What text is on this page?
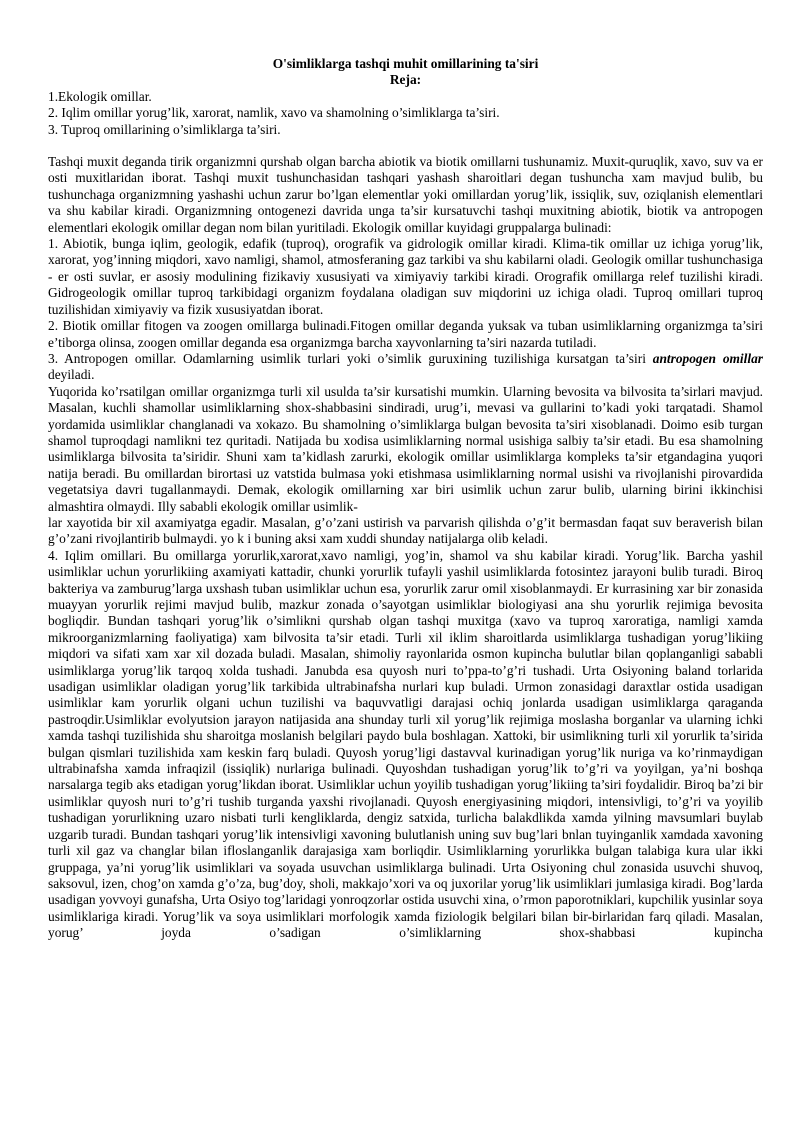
O'simliklarga tashqi muhit omillarining ta'siri

Reja:

1.Ekologik omillar.

2. Iqlim omillar yorug’lik, xarorat, namlik, xavo va shamolning o’simliklarga ta’siri.

3. Tuproq omillarining o’simliklarga ta’siri.

Tashqi muxit deganda tirik organizmni qurshab olgan barcha abiotik va biotik omillarni tushunamiz. Muxit-quruqlik, xavo, suv va er osti muxitlaridan iborat. Tashqi muxit tushunchasidan tashqari yashash sharoitlari degan tushuncha xam mavjud bulib, bu tushunchaga organizmning yashashi uchun zarur bo’lgan elementlar yoki omillardan yorug’lik, issiqlik, suv, oziqlanish elementlari va shu kabilar kiradi. Organizmning ontogenezi davrida unga ta’sir kursatuvchi tashqi muxitning abiotik, biotik va antropogen elementlari ekologik omillar degan nom bilan yuritiladi. Ekologik omillar kuyidagi gruppalarga bulinadi:

1. Abiotik, bunga iqlim, geologik, edafik (tuproq), orografik va gidrologik omillar kiradi. Klima-tik omillar uz ichiga yorug’lik, xarorat, yog’inning miqdori, xavo namligi, shamol, atmosferaning gaz tarkibi va shu kabilarni oladi. Geologik omillar tushunchasiga - er osti suvlar, er asosiy modulining fizikaviy xususiyati va ximiyaviy tarkibi kiradi. Orografik omillarga relef tuzilishi kiradi. Gidrogeologik omillar tuproq tarkibidagi organizm foydalana oladigan suv miqdorini uz ichiga oladi. Tuproq omillari tuproq tuzilishidan ximiyaviy va fizik xususiyatdan iborat.

2. Biotik omillar fitogen va zoogen omillarga bulinadi.Fitogen omillar deganda yuksak va tuban usimliklarning organizmga ta’siri e’tiborga olinsa, zoogen omillar deganda esa organizmga barcha xayvonlarning ta’siri nazarda tutiladi.

3. Antropogen omillar. Odamlarning usimlik turlari yoki o’simlik guruxining tuzilishiga kursatgan ta’siri antropogen omillar deyiladi.

Yuqorida ko’rsatilgan omillar organizmga turli xil usulda ta’sir kursatishi mumkin. Ularning bevosita va bilvosita ta’sirlari mavjud. Masalan, kuchli shamollar usimliklarning shox-shabbasini sindiradi, urug’i, mevasi va gullarini to’kadi yoki tarqatadi. Shamol yordamida usimliklar changlanadi va xokazo. Bu shamolning o’simliklarga bulgan bevosita ta’siri xisoblanadi. Doimo esib turgan shamol tuproqdagi namlikni tez quritadi. Natijada bu xodisa usimliklarning normal usishiga salbiy ta’sir etadi. Bu esa shamolning usimliklarga bilvosita ta’siridir. Shuni xam ta’kidlash zarurki, ekologik omillar usimliklarga kompleks ta’sir etgandagina yuqori natija beradi. Bu omillardan birortasi uz vatstida bulmasa yoki etishmasa usimliklarning normal usishi va rivojlanishi pirovardida vegetatsiya davri tugallanmaydi. Demak, ekologik omillarning xar biri usimlik uchun zarur bulib, ularning birini ikkinchisi almashtira olmaydi. Illy sababli ekologik omillar usimlik-

lar xayotida bir xil axamiyatga egadir. Masalan, g’o’zani ustirish va parvarish qilishda o’g’it bermasdan faqat suv beraverish bilan g’o’zani rivojlantirib bulmaydi. yo k i buning aksi xam xuddi shunday natijalarga olib keladi.

4. Iqlim omillari. Bu omillarga yorurlik,xarorat,xavo namligi, yog’in, shamol va shu kabilar kiradi. Yorug’lik. Barcha yashil usimliklar uchun yorurlikiing axamiyati kattadir, chunki yorurlik tufayli yashil usimliklarda fotosintez jarayoni bulib turadi. Biroq bakteriya va zamburug’larga uxshash tuban usimliklar uchun esa, yorurlik zarur omil xisoblanmaydi. Er kurrasining xar bir zonasida muayyan yorurlik rejimi mavjud bulib, mazkur zonada o’sayotgan usimliklar biologiyasi ana shu yorurlik rejimiga bevosita bogliqdir. Bundan tashqari yorug’lik o’simlikni qurshab olgan tashqi muxitga (xavo va tuproq xaroratiga, namligi xamda mikroorganizmlarning faoliyatiga) xam bilvosita ta’sir etadi. Turli xil iklim sharoitlarda usimliklarga tushadigan yorug’likiing miqdori va sifati xam xar xil dozada buladi. Masalan, shimoliy rayonlarida osmon kupincha bulutlar bilan qoplanganligi sababli usimliklarga yorug’lik tarqoq xolda tushadi. Janubda esa quyosh nuri to’ppa-to’g’ri tushadi. Urta Osiyoning baland torlarida usadigan usimliklar oladigan yorug’lik tarkibida ultrabinafsha nurlari kup buladi. Urmon zonasidagi daraxtlar ostida usadigan usimliklar kam yorurlik olgani uchun tuzilishi va baquvvatligi darajasi ochiq jonlarda usadigan usimliklarga qaraganda pastroqdir.Usimliklar evolyutsion jarayon natijasida ana shunday turli xil yorug’lik rejimiga moslasha borganlar va ularning ichki xamda tashqi tuzilishida shu sharoitga moslanish belgilari paydo bula boshlagan. Xattoki, bir usimlikning turli xil yorurlik ta’sirida bulgan qismlari tuzilishida xam keskin farq buladi. Quyosh yorug’ligi dastavval kurinadigan yorug’lik nuriga va ko’rinmaydigan ultrabinafsha xamda infraqizil (issiqlik) nurlariga bulinadi. Quyoshdan tushadigan yorug’lik to’g’ri va yoyilgan, ya’ni boshqa narsalarga tegib aks etadigan yorug’likdan iborat. Usimliklar uchun yoyilib tushadigan yorug’likiing ta’siri foydalidir. Biroq ba’zi bir usimliklar quyosh nuri to’g’ri tushib turganda yaxshi rivojlanadi. Quyosh energiyasining miqdori, intensivligi, to’g’ri va yoyilib tushadigan yorurlikning uzaro nisbati turli kengliklarda, dengiz satxida, turlicha balakdlikda xamda yilning mavsumlari buylab uzgarib turadi. Bundan tashqari yorug’lik intensivligi xavoning bulutlanish uning suv bug’lari bnlan tuyinganlik xamdada xavoning turli xil gaz va changlar bilan ifloslanganlik darajasiga xam borliqdir. Usimliklarning yorurlikka bulgan talabiga kura ular ikki gruppaga, ya’ni yorug’lik usimliklari va soyada usuvchan usimliklarga bulinadi. Urta Osiyoning chul zonasida usuvchi shuvoq, saksovul, izen, chog’on xamda g’o’za, bug’doy, sholi, makkajo’xori va oq juxorilar yorug’lik usimliklari jumlasiga kiradi. Bog’larda usadigan yovvoyi gunafsha, Urta Osiyo tog’laridagi yonroqzorlar ostida usuvchi xina, o’rmon paporotniklari, kupchilik yusinlar soya usimliklariga kiradi. Yorug’lik va soya usimliklari morfologik xamda fiziologik belgilari bilan bir-birlaridan farq qiladi. Masalan, yorug’ joyda o’sadigan o’simliklarning shox-shabbasi kupincha
